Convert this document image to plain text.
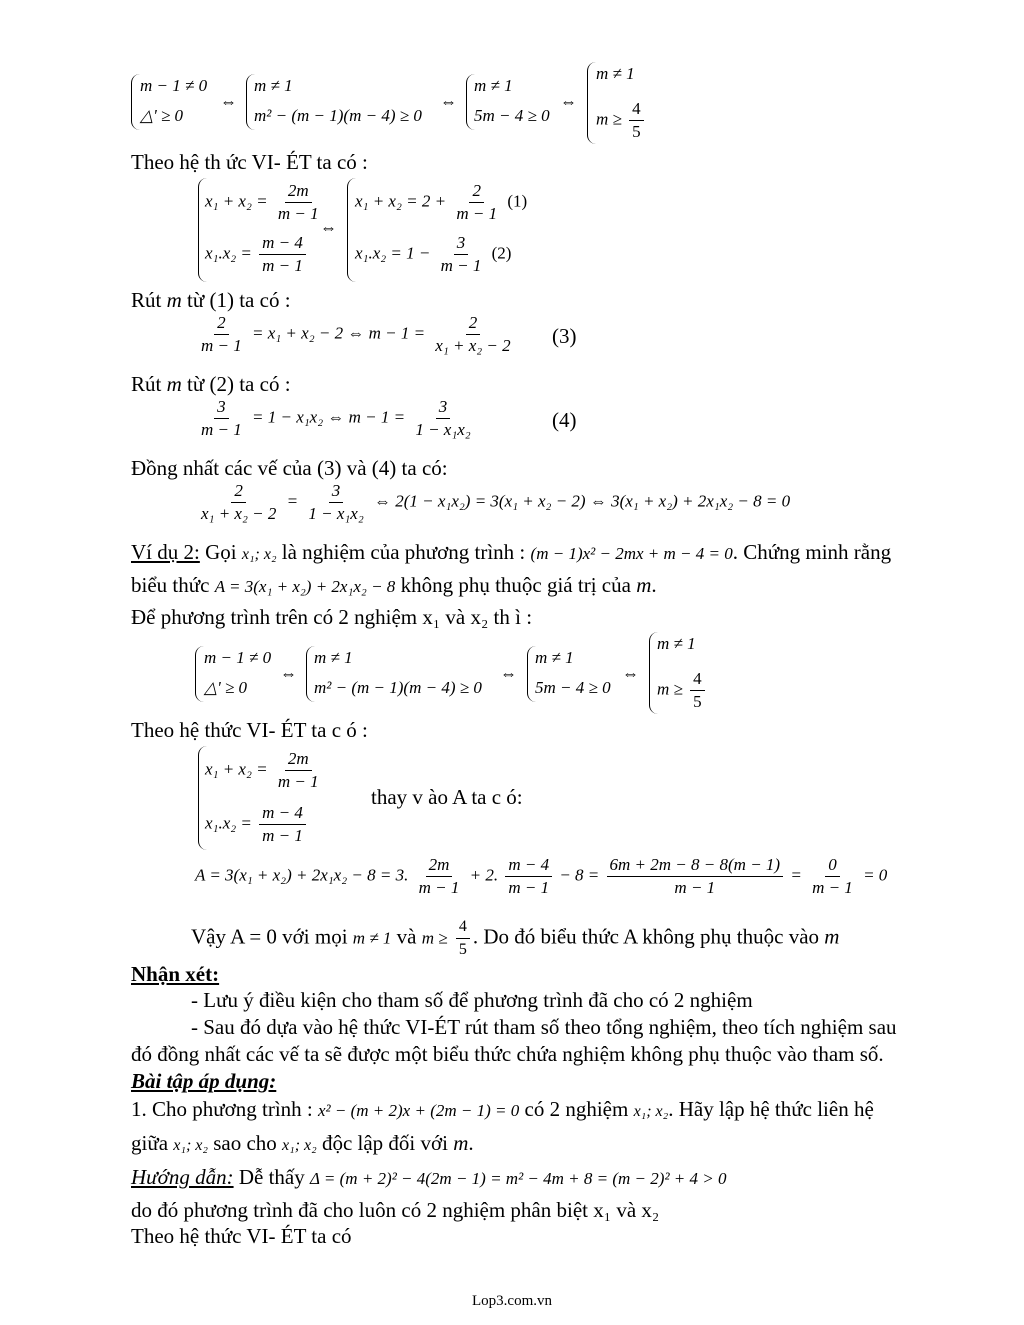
m − 1 ≠ 0
△' ≥ 0
⇔
m ≠ 1
m² − (m − 1)(m − 4) ≥ 0
⇔
m ≠ 1
5m − 4 ≥ 0
⇔
m ≠ 1
$m \ge \frac{4}{5}$
Theo hệ th ức VI- ÉT ta có :
$x_1 + x_2 = \frac{2m}{m - 1}$
$x_1.x_2 = \frac{m - 4}{m - 1}$
⇔
$x_1 + x_2 = 2 + \frac{2}{m - 1} (1)$
$x_1.x_2 = 1 - \frac{3}{m - 1} (2)$
Rút m từ (1) ta có :
$\frac{2}{m - 1} = x_1 + x_2 - 2$ ⇔ $m - 1 = \frac{2}{\text{x₁ + x₂ − 2}} (3)$
Rút m từ (2) ta có :
$\frac{3}{m - 1} = 1 - x_1x_2$ ⇔ $m - 1 = \frac{3}{\text{1 − x₁x₂}}$	(4)
Đồng nhất các vế của (3) và (4) ta có:
$\frac{2}{\text{x₁ + x₂ − 2}} = \frac{3}{\text{1 − x₁x₂}}$ ⇔ 2(1 − x₁x₂) = 3(x₁ + x₂ − 2) ⇔ 3(x₁ + x₂) + 2x₁x₂ − 8 = 0
Ví dụ 2: Gọi x₁; x₂ là nghiệm của phương trình : (m − 1)x² − 2mx + m − 4 = 0. Chứng minh rằng
biểu thức A = 3(x₁ + x₂) + 2x₁x₂ − 8 không phụ thuộc giá trị của m.
Để phương trình trên có 2 nghiệm x₁ và x₂ th ì :
m − 1 ≠ 0
△' ≥ 0
⇔
m ≠ 1
m² − (m − 1)(m − 4) ≥ 0
⇔
m ≠ 1
5m − 4 ≥ 0
⇔
m ≠ 1
$m \ge \frac{4}{5}$
Theo hệ thức VI- ÉT ta c ó :
$x_1 + x_2 = \frac{2m}{m - 1}$
$x_1.x_2 = \frac{m - 4}{m - 1}$
thay v ào A ta c ó:
A = 3(x₁ + x₂) + 2x₁x₂ − 8 = 3. $\frac{2m}{m - 1} + 2$. $\frac{m - 4}{m - 1} - 8 = \frac{6m + 2m - 8 - 8(m - 1)}{m - 1} = \frac{0}{m - 1} = 0$
Vậy A = 0 với mọi m ≠ 1 và $m \ge \frac{4}{5}$ . Do đó biểu thức A không phụ thuộc vào m
Nhận xét:
- Lưu ý điều kiện cho tham số để phương trình đã cho có 2 nghiệm
- Sau đó dựa vào hệ thức VI-ÉT rút tham số theo tổng nghiệm, theo tích nghiệm sau
đó đồng nhất các vế ta sẽ được một biểu thức chứa nghiệm không phụ thuộc vào tham số.
Bài tập áp dụng:
1. Cho phương trình : x² − (m + 2)x + (2m − 1) = 0 có 2 nghiệm x₁; x₂. Hãy lập hệ thức liên hệ
giữa x₁; x₂ sao cho x₁; x₂ độc lập đối với m.
Hướng dẫn: Dễ thấy Δ = (m + 2)² − 4(2m − 1) = m² − 4m + 8 = (m − 2)² + 4 > 0
do đó phương trình đã cho luôn có 2 nghiệm phân biệt x₁ và x₂
Theo hệ thức VI- ÉT ta có
Lop3.com.vn
